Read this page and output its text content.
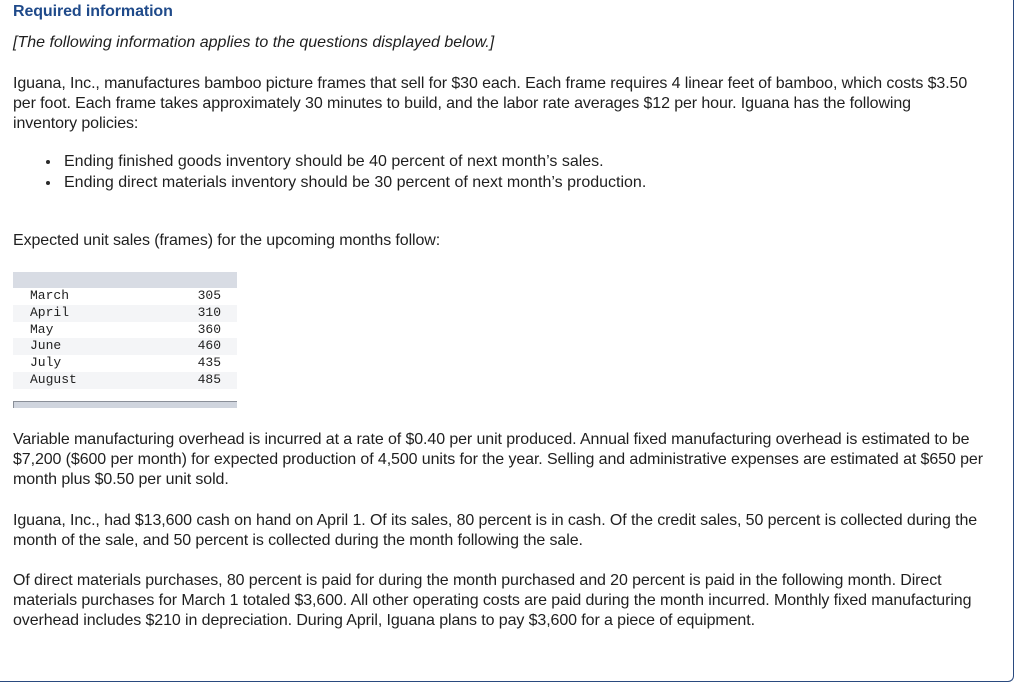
Required information
[The following information applies to the questions displayed below.]
Iguana, Inc., manufactures bamboo picture frames that sell for $30 each. Each frame requires 4 linear feet of bamboo, which costs $3.50 per foot. Each frame takes approximately 30 minutes to build, and the labor rate averages $12 per hour. Iguana has the following inventory policies:
Ending finished goods inventory should be 40 percent of next month’s sales.
Ending direct materials inventory should be 30 percent of next month’s production.
Expected unit sales (frames) for the upcoming months follow:
March	305
April	310
May	360
June	460
July	435
August	485
Variable manufacturing overhead is incurred at a rate of $0.40 per unit produced. Annual fixed manufacturing overhead is estimated to be $7,200 ($600 per month) for expected production of 4,500 units for the year. Selling and administrative expenses are estimated at $650 per month plus $0.50 per unit sold.
Iguana, Inc., had $13,600 cash on hand on April 1. Of its sales, 80 percent is in cash. Of the credit sales, 50 percent is collected during the month of the sale, and 50 percent is collected during the month following the sale.
Of direct materials purchases, 80 percent is paid for during the month purchased and 20 percent is paid in the following month. Direct materials purchases for March 1 totaled $3,600. All other operating costs are paid during the month incurred. Monthly fixed manufacturing overhead includes $210 in depreciation. During April, Iguana plans to pay $3,600 for a piece of equipment.
